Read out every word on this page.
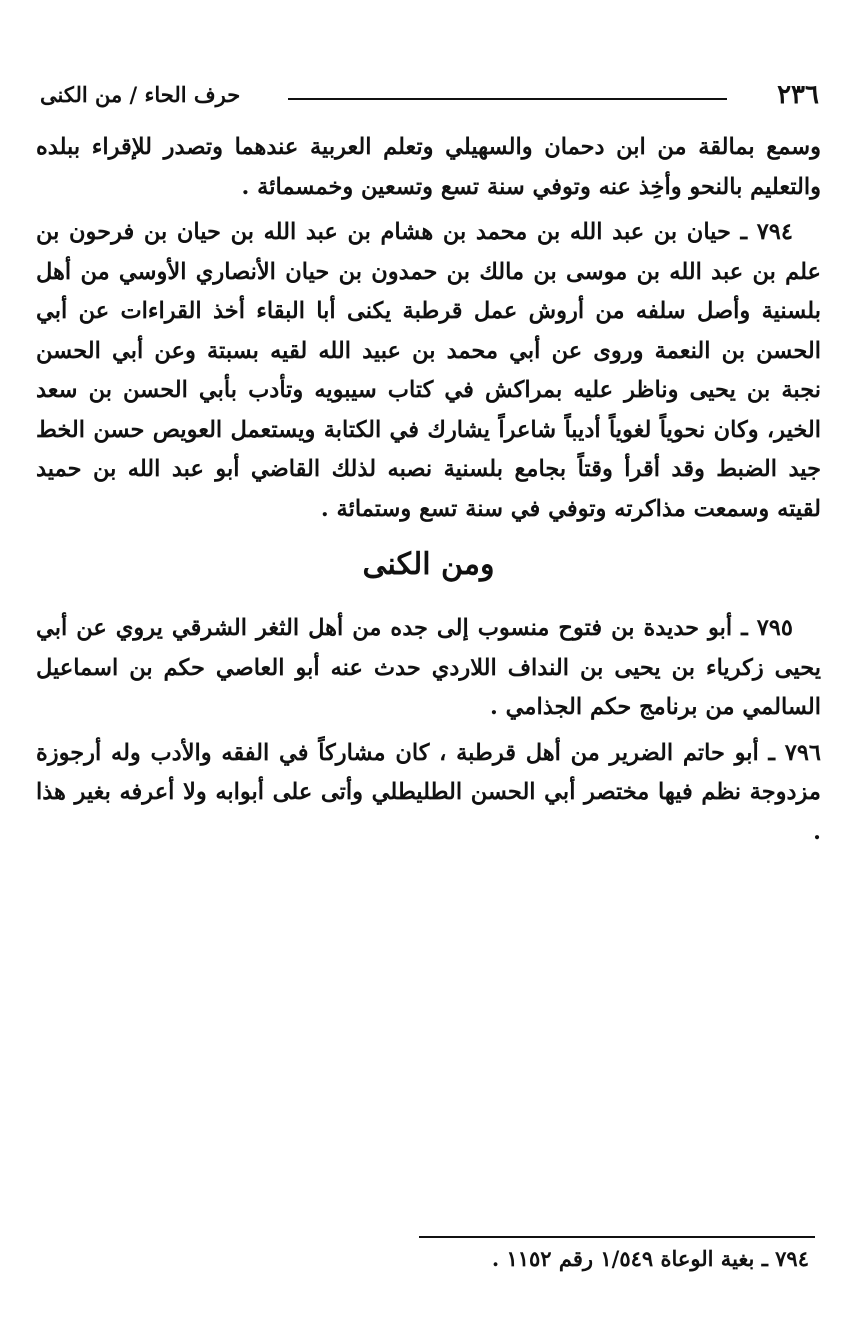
٢٣٦
حرف الحاء / من الكنى

وسمع بمالقة من ابن دحمان والسهيلي وتعلم العربية عندهما وتصدر للإقراء ببلده والتعليم بالنحو وأخِذ عنه وتوفي سنة تسع وتسعين وخمسمائة .

٧٩٤ ـ حيان بن عبد الله بن محمد بن هشام بن عبد الله بن حيان بن فرحون بن علم بن عبد الله بن موسى بن مالك بن حمدون بن حيان الأنصاري الأوسي من أهل بلسنية وأصل سلفه من أروش عمل قرطبة يكنى أبا البقاء أخذ القراءات عن أبي الحسن بن النعمة وروى عن أبي محمد بن عبيد الله لقيه بسبتة وعن أبي الحسن نجبة بن يحيى وناظر عليه بمراكش في كتاب سيبويه وتأدب بأبي الحسن بن سعد الخير، وكان نحوياً لغوياً أديباً شاعراً يشارك في الكتابة ويستعمل العويص حسن الخط جيد الضبط وقد أقرأ وقتاً بجامع بلسنية نصبه لذلك القاضي أبو عبد الله بن حميد لقيته وسمعت مذاكرته وتوفي في سنة تسع وستمائة .

ومن الكنى

٧٩٥ ـ أبو حديدة بن فتوح منسوب إلى جده من أهل الثغر الشرقي يروي عن أبي يحيى زكرياء بن يحيى بن النداف اللاردي حدث عنه أبو العاصي حكم بن اسماعيل السالمي من برنامج حكم الجذامي .

٧٩٦ ـ أبو حاتم الضرير من أهل قرطبة ، كان مشاركاً في الفقه والأدب وله أرجوزة مزدوجة نظم فيها مختصر أبي الحسن الطليطلي وأتى على أبوابه ولا أعرفه بغير هذا .

٧٩٤ ـ بغية الوعاة ١/٥٤٩ رقم ١١٥٢ .
